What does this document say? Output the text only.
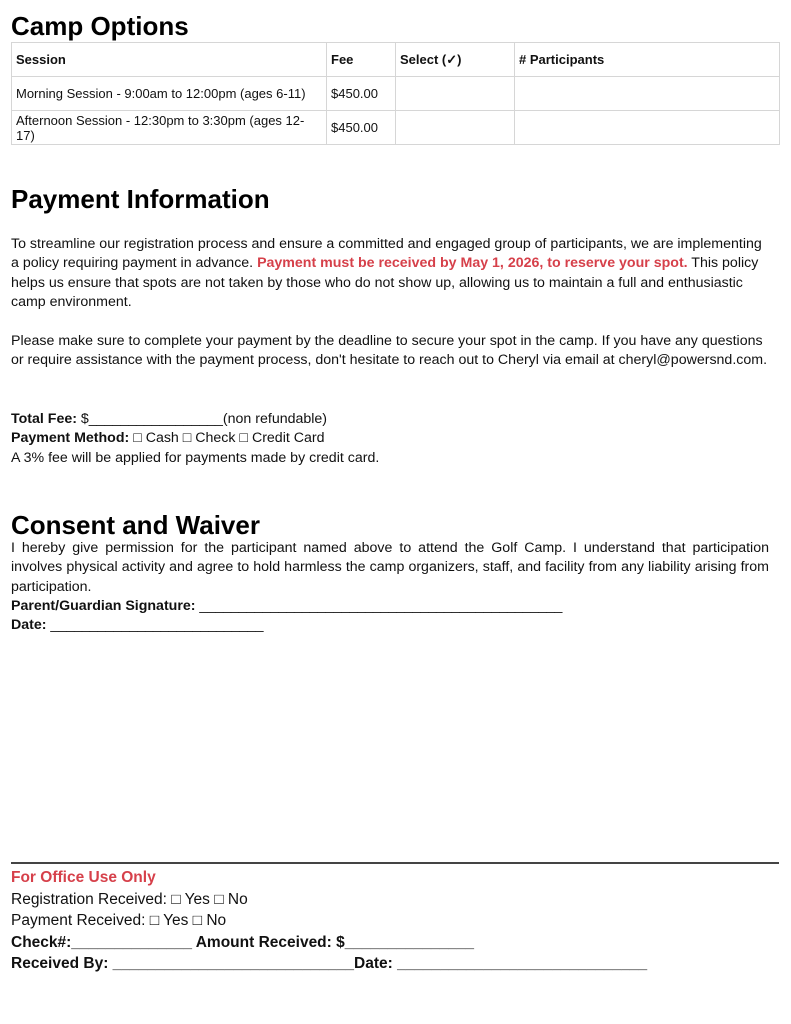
Camp Options
Session	Fee	Select (✓)	# Participants
Morning Session - 9:00am to 12:00pm (ages 6-11)	$450.00		
Afternoon Session - 12:30pm to 3:30pm (ages 12-17)	$450.00		
Payment Information
To streamline our registration process and ensure a committed and engaged group of participants, we are implementing a policy requiring payment in advance. Payment must be received by May 1, 2026, to reserve your spot. This policy helps us ensure that spots are not taken by those who do not show up, allowing us to maintain a full and enthusiastic camp environment.
Please make sure to complete your payment by the deadline to secure your spot in the camp. If you have any questions or require assistance with the payment process, don't hesitate to reach out to Cheryl via email at cheryl@powersnd.com.
Total Fee: $_________________(non refundable)
Payment Method: □ Cash □ Check □ Credit Card
A 3% fee will be applied for payments made by credit card.
Consent and Waiver
I hereby give permission for the participant named above to attend the Golf Camp. I understand that participation involves physical activity and agree to hold harmless the camp organizers, staff, and facility from any liability arising from participation.
Parent/Guardian Signature: ______________________________________________
Date: ___________________________
For Office Use Only
Registration Received: □ Yes □ No
Payment Received: □ Yes □ No
Check#:______________ Amount Received: $_______________
Received By: ____________________________Date: _____________________________
